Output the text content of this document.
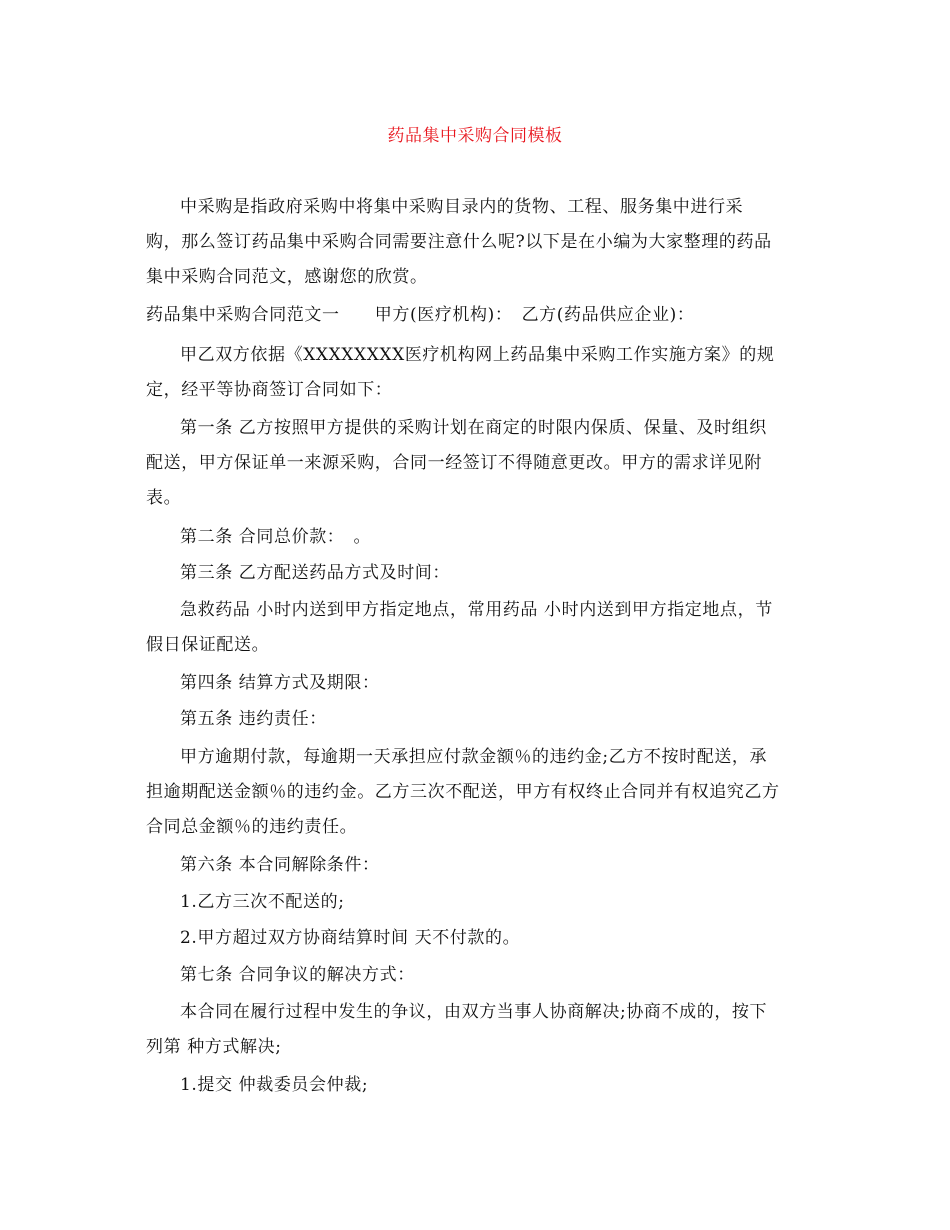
药品集中采购合同模板
中采购是指政府采购中将集中采购目录内的货物、工程、服务集中进行采
购，那么签订药品集中采购合同需要注意什么呢?以下是在小编为大家整理的药品
集中采购合同范文，感谢您的欣赏。
药品集中采购合同范文一　　甲方(医疗机构)：　乙方(药品供应企业)：
甲乙双方依据《XXXXXXXX医疗机构网上药品集中采购工作实施方案》的规
定，经平等协商签订合同如下：
第一条 乙方按照甲方提供的采购计划在商定的时限内保质、保量、及时组织
配送，甲方保证单一来源采购，合同一经签订不得随意更改。甲方的需求详见附
表。
第二条 合同总价款：　。
第三条 乙方配送药品方式及时间：
急救药品 小时内送到甲方指定地点，常用药品 小时内送到甲方指定地点，节
假日保证配送。
第四条 结算方式及期限：
第五条 违约责任：
甲方逾期付款，每逾期一天承担应付款金额％的违约金;乙方不按时配送，承
担逾期配送金额％的违约金。乙方三次不配送，甲方有权终止合同并有权追究乙方
合同总金额％的违约责任。
第六条 本合同解除条件：
1.乙方三次不配送的;
2.甲方超过双方协商结算时间 天不付款的。
第七条 合同争议的解决方式：
本合同在履行过程中发生的争议，由双方当事人协商解决;协商不成的，按下
列第 种方式解决;
1.提交 仲裁委员会仲裁;
